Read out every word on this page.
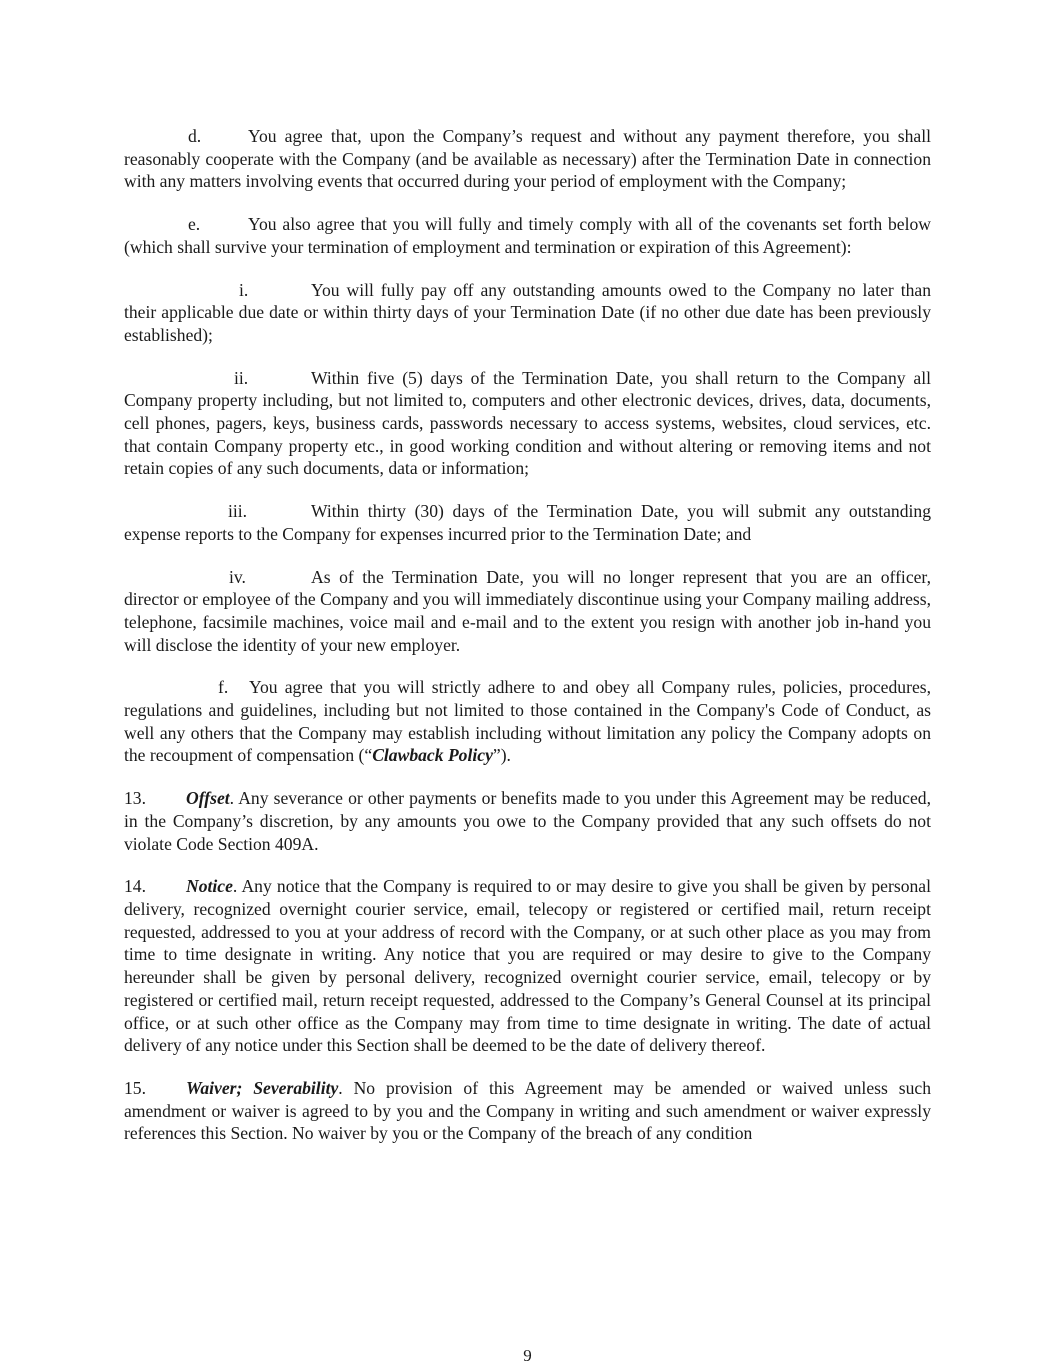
d.	You agree that, upon the Company’s request and without any payment therefore, you shall reasonably cooperate with the Company (and be available as necessary) after the Termination Date in connection with any matters involving events that occurred during your period of employment with the Company;

e.	You also agree that you will fully and timely comply with all of the covenants set forth below (which shall survive your termination of employment and termination or expiration of this Agreement):

i.	You will fully pay off any outstanding amounts owed to the Company no later than their applicable due date or within thirty days of your Termination Date (if no other due date has been previously established);

ii.	Within five (5) days of the Termination Date, you shall return to the Company all Company property including, but not limited to, computers and other electronic devices, drives, data, documents, cell phones, pagers, keys, business cards, passwords necessary to access systems, websites, cloud services, etc. that contain Company property etc., in good working condition and without altering or removing items and not retain copies of any such documents, data or information;

iii.	Within thirty (30) days of the Termination Date, you will submit any outstanding expense reports to the Company for expenses incurred prior to the Termination Date; and

iv.	As of the Termination Date, you will no longer represent that you are an officer, director or employee of the Company and you will immediately discontinue using your Company mailing address, telephone, facsimile machines, voice mail and e-mail and to the extent you resign with another job in-hand you will disclose the identity of your new employer.

f. You agree that you will strictly adhere to and obey all Company rules, policies, procedures, regulations and guidelines, including but not limited to those contained in the Company's Code of Conduct, as well any others that the Company may establish including without limitation any policy the Company adopts on the recoupment of compensation (“Clawback Policy”).

13. Offset. Any severance or other payments or benefits made to you under this Agreement may be reduced, in the Company’s discretion, by any amounts you owe to the Company provided that any such offsets do not violate Code Section 409A.

14. Notice. Any notice that the Company is required to or may desire to give you shall be given by personal delivery, recognized overnight courier service, email, telecopy or registered or certified mail, return receipt requested, addressed to you at your address of record with the Company, or at such other place as you may from time to time designate in writing. Any notice that you are required or may desire to give to the Company hereunder shall be given by personal delivery, recognized overnight courier service, email, telecopy or by registered or certified mail, return receipt requested, addressed to the Company’s General Counsel at its principal office, or at such other office as the Company may from time to time designate in writing. The date of actual delivery of any notice under this Section shall be deemed to be the date of delivery thereof.

15. Waiver; Severability. No provision of this Agreement may be amended or waived unless such amendment or waiver is agreed to by you and the Company in writing and such amendment or waiver expressly references this Section. No waiver by you or the Company of the breach of any condition

9
